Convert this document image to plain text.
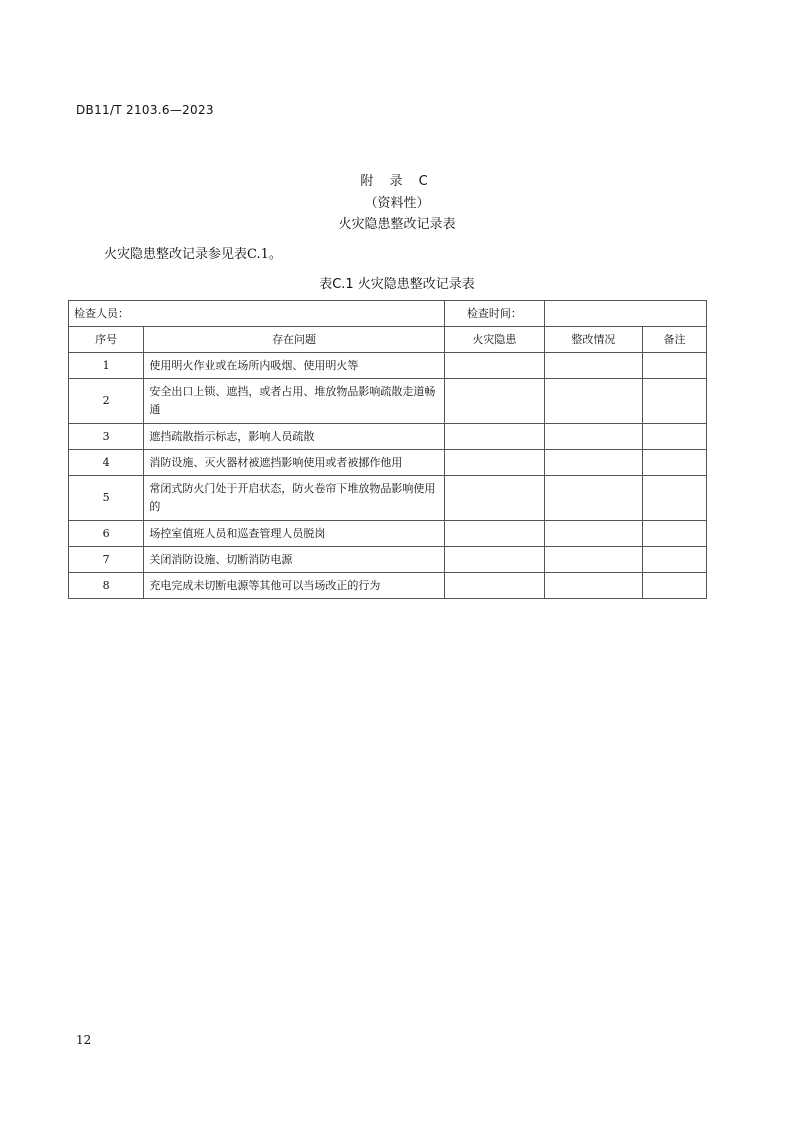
DB11/T 2103.6—2023
附 录 C
（资料性）
火灾隐患整改记录表
火灾隐患整改记录参见表C.1。
表C.1 火灾隐患整改记录表
检查人员：		检查时间：		
序号	存在问题	火灾隐患	整改情况	备注
1	使用明火作业或在场所内吸烟、使用明火等			
2	安全出口上锁、遮挡，或者占用、堆放物品影响疏散走道畅通			
3	遮挡疏散指示标志，影响人员疏散			
4	消防设施、灭火器材被遮挡影响使用或者被挪作他用			
5	常闭式防火门处于开启状态，防火卷帘下堆放物品影响使用的			
6	场控室值班人员和巡查管理人员脱岗			
7	关闭消防设施、切断消防电源			
8	充电完成未切断电源等其他可以当场改正的行为			
12
